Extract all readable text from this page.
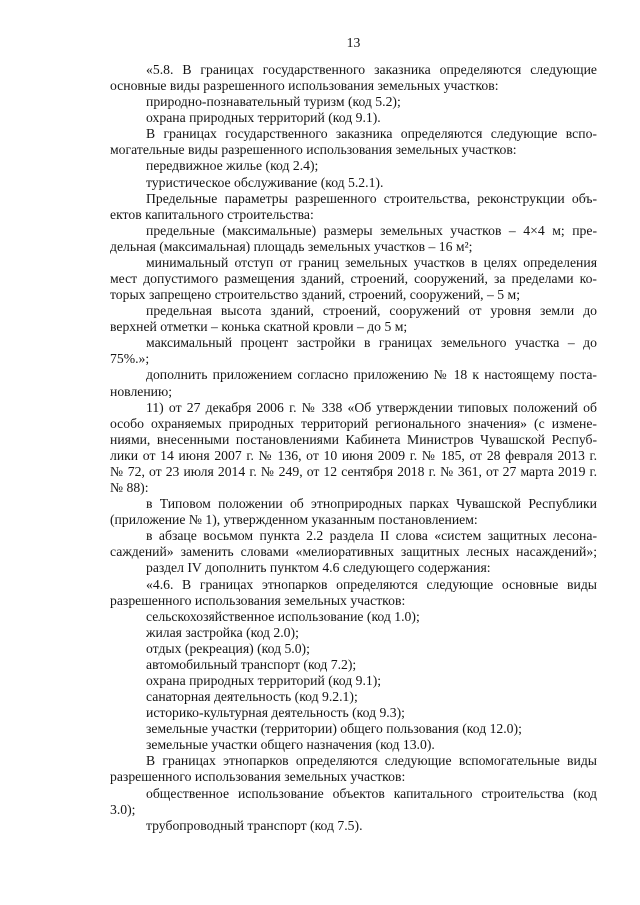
13
«5.8. В границах государственного заказника определяются следующие
основные виды разрешенного использования земельных участков:
природно-познавательный туризм (код 5.2);
охрана природных территорий (код 9.1).
В границах государственного заказника определяются следующие вспо-
могательные виды разрешенного использования земельных участков:
передвижное жилье (код 2.4);
туристическое обслуживание (код 5.2.1).
Предельные параметры разрешенного строительства, реконструкции объ-
ектов капитального строительства:
предельные (максимальные) размеры земельных участков – 4×4 м; пре-
дельная (максимальная) площадь земельных участков – 16 м²;
минимальный отступ от границ земельных участков в целях определения
мест допустимого размещения зданий, строений, сооружений, за пределами ко-
торых запрещено строительство зданий, строений, сооружений, – 5 м;
предельная высота зданий, строений, сооружений от уровня земли до
верхней отметки – конька скатной кровли – до 5 м;
максимальный процент застройки в границах земельного участка – до
75%.»;
дополнить приложением согласно приложению № 18 к настоящему поста-
новлению;
11) от 27 декабря 2006 г. № 338 «Об утверждении типовых положений об
особо охраняемых природных территорий регионального значения» (с измене-
ниями, внесенными постановлениями Кабинета Министров Чувашской Респуб-
лики от 14 июня 2007 г. № 136, от 10 июня 2009 г. № 185, от 28 февраля 2013 г.
№ 72, от 23 июля 2014 г. № 249, от 12 сентября 2018 г. № 361, от 27 марта 2019 г.
№ 88):
в Типовом положении об этноприродных парках Чувашской Республики
(приложение № 1), утвержденном указанным постановлением:
в абзаце восьмом пункта 2.2 раздела II слова «систем защитных лесона-
саждений» заменить словами «мелиоративных защитных лесных насаждений»;
раздел IV дополнить пунктом 4.6 следующего содержания:
«4.6. В границах этнопарков определяются следующие основные виды
разрешенного использования земельных участков:
сельскохозяйственное использование (код 1.0);
жилая застройка (код 2.0);
отдых (рекреация) (код 5.0);
автомобильный транспорт (код 7.2);
охрана природных территорий (код 9.1);
санаторная деятельность (код 9.2.1);
историко-культурная деятельность (код 9.3);
земельные участки (территории) общего пользования (код 12.0);
земельные участки общего назначения (код 13.0).
В границах этнопарков определяются следующие вспомогательные виды
разрешенного использования земельных участков:
общественное использование объектов капитального строительства (код
3.0);
трубопроводный транспорт (код 7.5).
